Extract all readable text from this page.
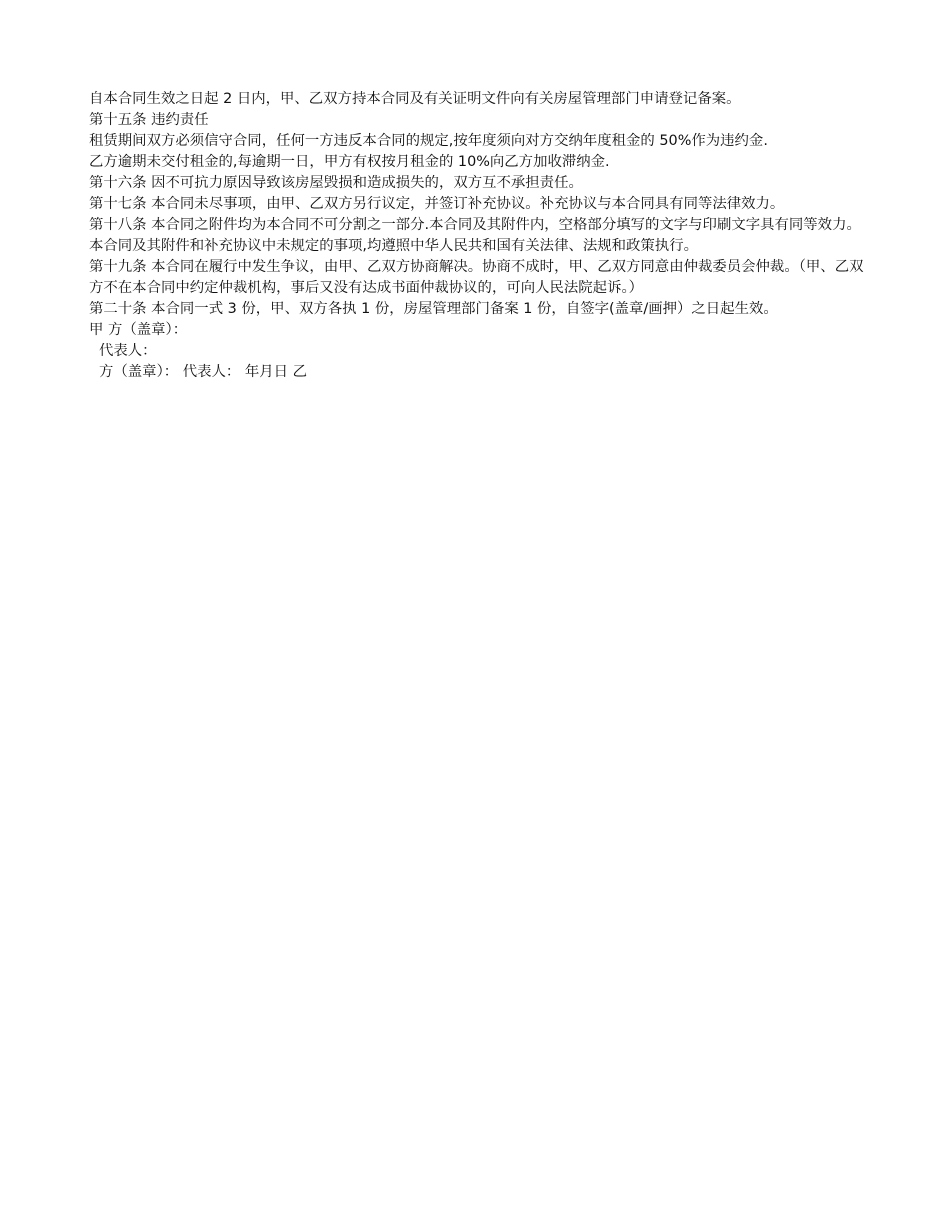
自本合同生效之日起 2 日内，甲、乙双方持本合同及有关证明文件向有关房屋管理部门申请登记备案。
第十五条 违约责任
租赁期间双方必须信守合同，任何一方违反本合同的规定,按年度须向对方交纳年度租金的 50%作为违约金.
乙方逾期未交付租金的,每逾期一日，甲方有权按月租金的 10%向乙方加收滞纳金.
第十六条 因不可抗力原因导致该房屋毁损和造成损失的，双方互不承担责任。
第十七条 本合同未尽事项，由甲、乙双方另行议定，并签订补充协议。补充协议与本合同具有同等法律效力。
第十八条 本合同之附件均为本合同不可分割之一部分.本合同及其附件内，空格部分填写的文字与印刷文字具有同等效力。本合同及其附件和补充协议中未规定的事项,均遵照中华人民共和国有关法律、法规和政策执行。
第十九条 本合同在履行中发生争议，由甲、乙双方协商解决。协商不成时，甲、乙双方同意由仲裁委员会仲裁。（甲、乙双方不在本合同中约定仲裁机构，事后又没有达成书面仲裁协议的，可向人民法院起诉。）
第二十条 本合同一式 3 份，甲、双方各执 1 份，房屋管理部门备案 1 份，自签字(盖章/画押）之日起生效。
甲 方（盖章）：
代表人：
方（盖章）： 代表人： 年月日 乙
